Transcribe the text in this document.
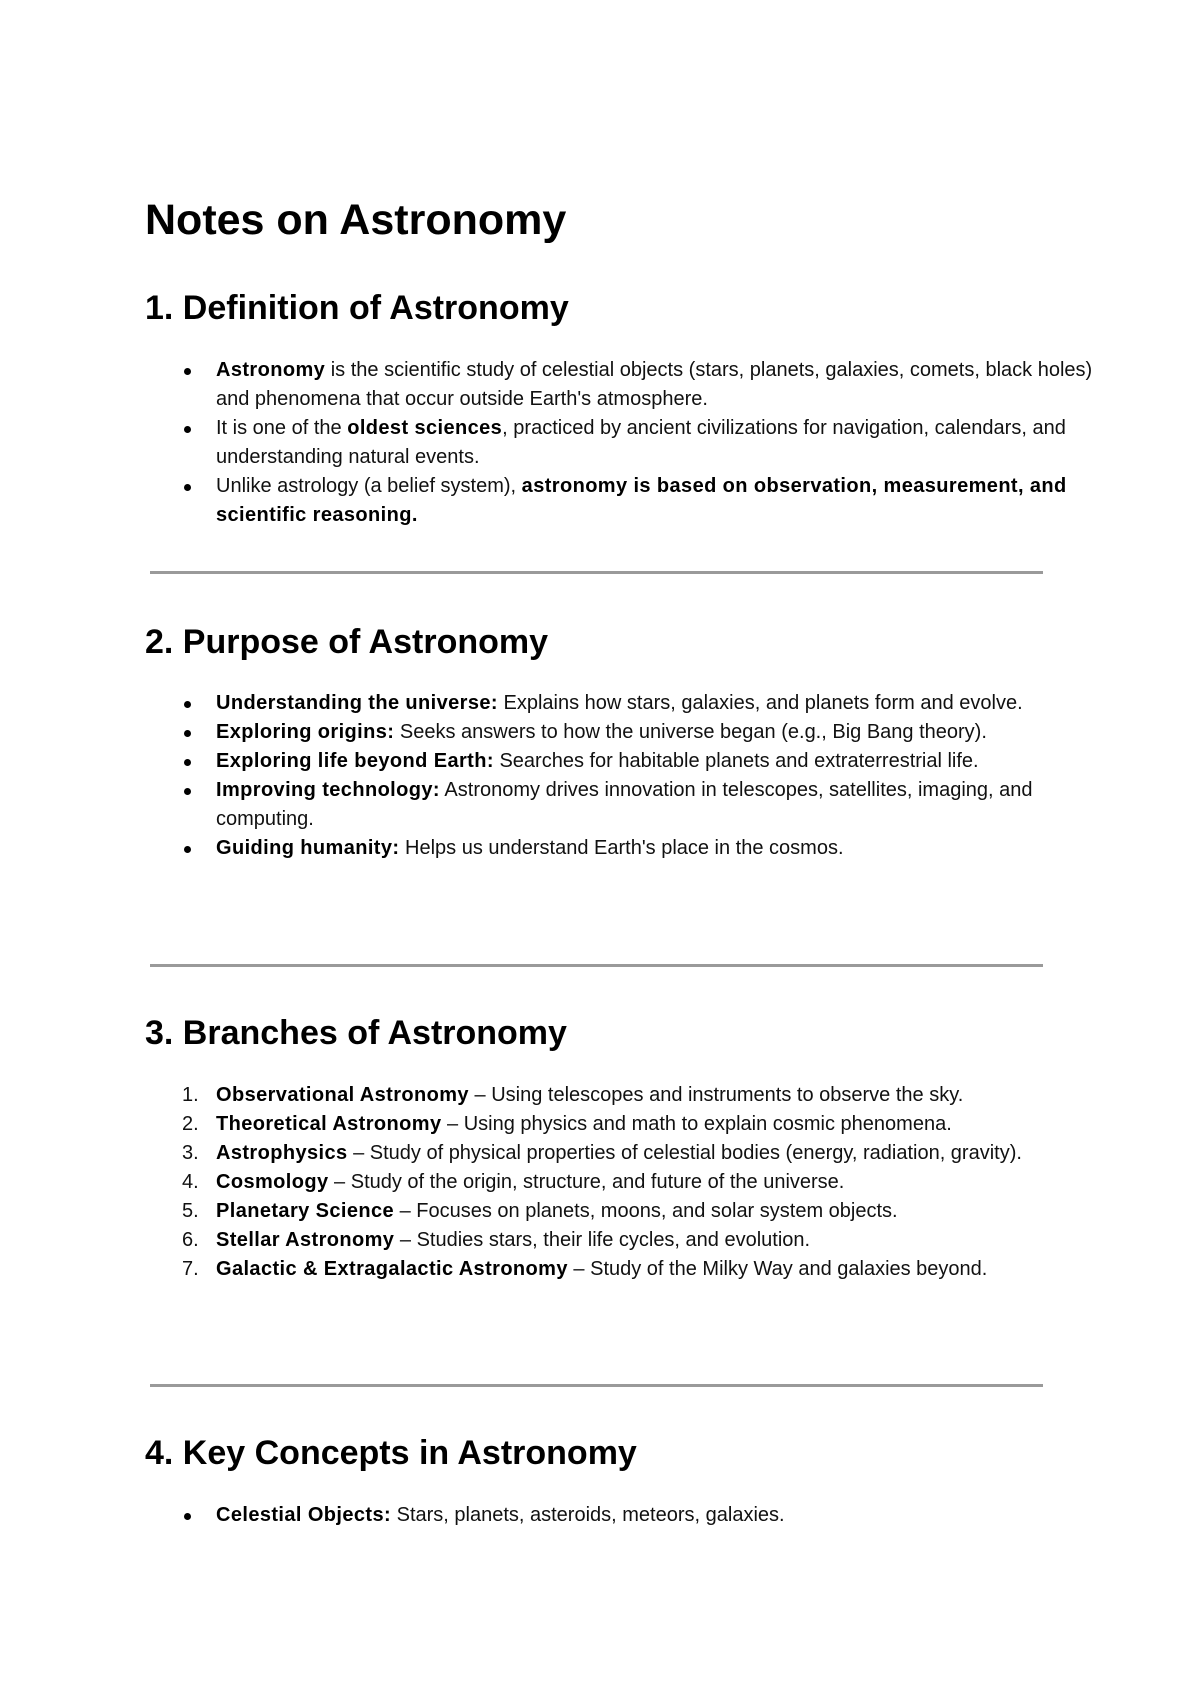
Notes on Astronomy
1. Definition of Astronomy
Astronomy is the scientific study of celestial objects (stars, planets, galaxies, comets, black holes) and phenomena that occur outside Earth's atmosphere.
It is one of the oldest sciences, practiced by ancient civilizations for navigation, calendars, and understanding natural events.
Unlike astrology (a belief system), astronomy is based on observation, measurement, and scientific reasoning.
2. Purpose of Astronomy
Understanding the universe: Explains how stars, galaxies, and planets form and evolve.
Exploring origins: Seeks answers to how the universe began (e.g., Big Bang theory).
Exploring life beyond Earth: Searches for habitable planets and extraterrestrial life.
Improving technology: Astronomy drives innovation in telescopes, satellites, imaging, and computing.
Guiding humanity: Helps us understand Earth's place in the cosmos.
3. Branches of Astronomy
1. Observational Astronomy – Using telescopes and instruments to observe the sky.
2. Theoretical Astronomy – Using physics and math to explain cosmic phenomena.
3. Astrophysics – Study of physical properties of celestial bodies (energy, radiation, gravity).
4. Cosmology – Study of the origin, structure, and future of the universe.
5. Planetary Science – Focuses on planets, moons, and solar system objects.
6. Stellar Astronomy – Studies stars, their life cycles, and evolution.
7. Galactic & Extragalactic Astronomy – Study of the Milky Way and galaxies beyond.
4. Key Concepts in Astronomy
Celestial Objects: Stars, planets, asteroids, meteors, galaxies.
